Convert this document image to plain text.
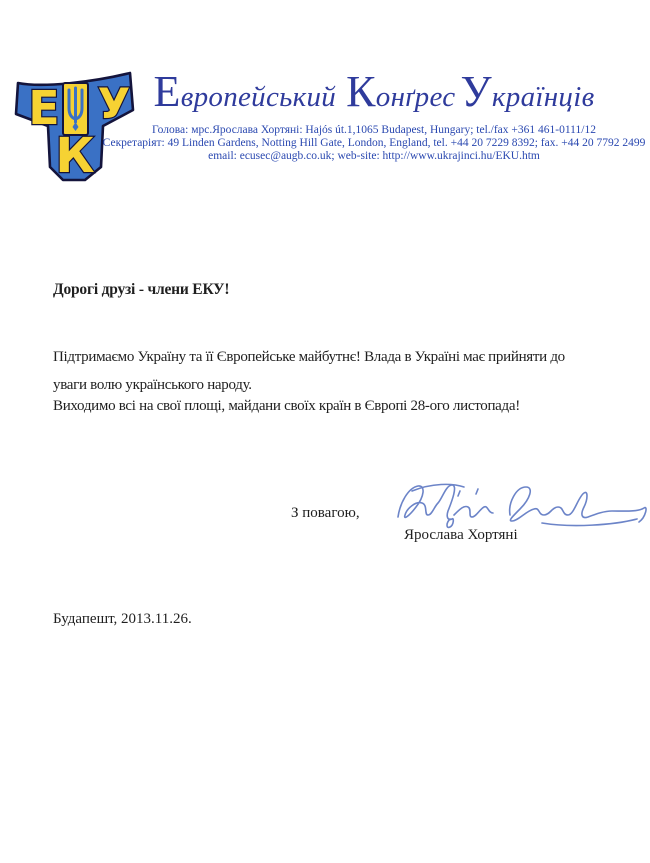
Е У
К
Европейський Конґрес Українців
Голова: мрс.Ярослава Хортяні: Hajós út.1,1065 Budapest, Hungary; tel./fax +361 461-0111/12
Секретаріят: 49 Linden Gardens, Notting Hill Gate, London, England, tel. +44 20 7229 8392; fax. +44 20 7792 2499
email: ecusec@augb.co.uk; web-site: http://www.ukrajinci.hu/EKU.htm
Дорогі друзі - члени ЕКУ!
Підтримаємо Україну та її Європейське майбутнє! Влада в Україні має прийняти до
уваги волю українського народу.
Виходимо всі на свої площі, майдани своїх країн в Європі 28-ого листопада!
З повагою,
Ярослава Хортяні
Будапешт, 2013.11.26.
